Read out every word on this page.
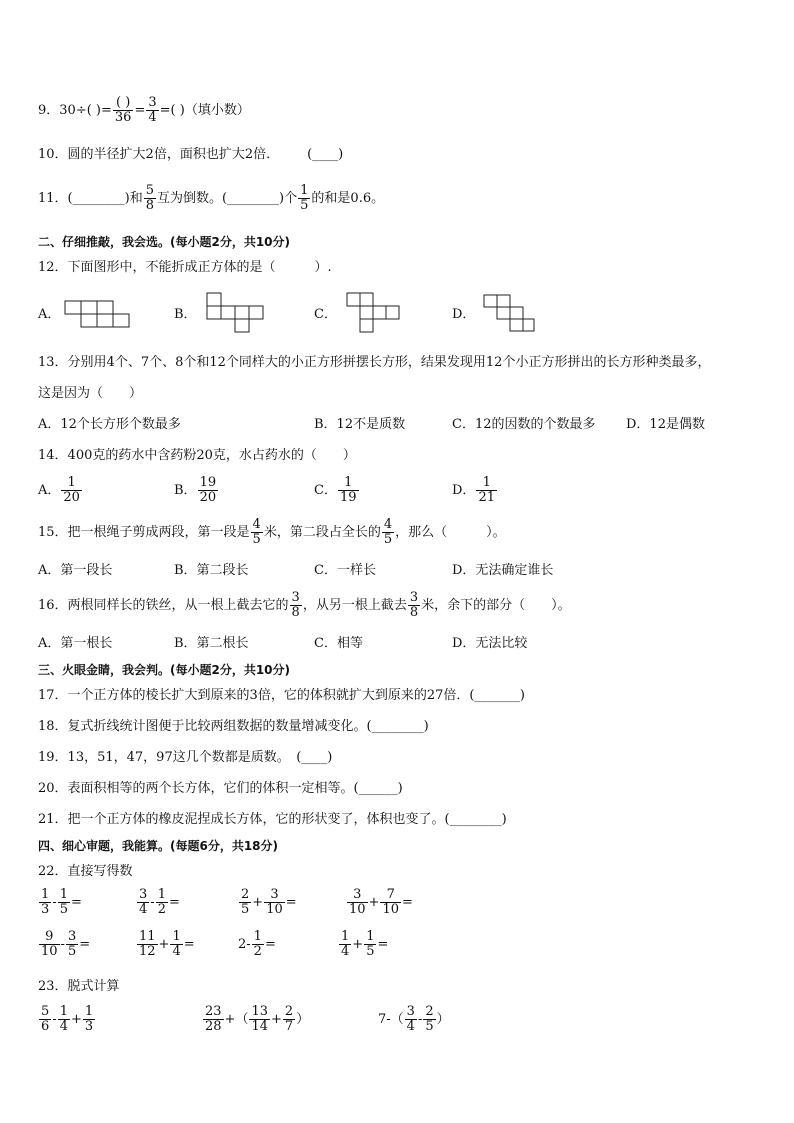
9．30÷( )= $\frac{( )}{36} = \frac{3}{4}$ =( )（填小数）
10．圆的半径扩大2倍，面积也扩大2倍． (____)
11．(________)和 $\frac{5}{8}$ 互为倒数。(________)个 $\frac{1}{5}$ 的和是0.6。
二、仔细推敲，我会选。(每小题2分，共10分)
12．下面图形中，不能折成正方体的是（　　　）.
A．	B．	C．	D．
13．分别用4个、7个、8个和12个同样大的小正方形拼摆长方形，结果发现用12个小正方形拼出的长方形种类最多，
这是因为（　　）
A．12个长方形个数最多	B．12不是质数	C．12的因数的个数最多 D．12是偶数
14．400克的药水中含药粉20克，水占药水的（　　）
A． $\frac{1}{20}$	B． $\frac{19}{20}$	C． $\frac{1}{19}$	D． $\frac{1}{21}$
15．把一根绳子剪成两段，第一段是 $\frac{4}{5}$ 米，第二段占全长的 $\frac{4}{5}$ ，那么（　　　）。
A．第一段长	B．第二段长	C．一样长	D．无法确定谁长
16．两根同样长的铁丝，从一根上截去它的 $\frac{3}{8}$ ，从另一根上截去 $\frac{3}{8}$ 米，余下的部分（　　）。
A．第一根长	B．第二根长	C．相等	D．无法比较
三、火眼金睛，我会判。(每小题2分，共10分)
17．一个正方体的棱长扩大到原来的3倍，它的体积就扩大到原来的27倍．(_______)
18．复式折线统计图便于比较两组数据的数量增减变化。(________)
19．13，51，47，97这几个数都是质数。　(____)
20．表面积相等的两个长方体，它们的体积一定相等。(______)
21．把一个正方体的橡皮泥捏成长方体，它的形状变了，体积也变了。(________)
四、细心审题，我能算。(每题6分，共18分)
22．直接写得数
$\frac{1}{3} - \frac{1}{5}$ =	$\frac{3}{4} - \frac{1}{2}$ =	$\frac{2}{5} + \frac{3}{10}$ =	$\frac{3}{10} + \frac{7}{10}$ =
$\frac{9}{10} - \frac{3}{5}$ =	$\frac{11}{12} + \frac{1}{4}$ =	$2- \frac{1}{2}$ =	$\frac{1}{4} + \frac{1}{5}$ =
23．脱式计算
$\frac{5}{6} - \frac{1}{4} + \frac{1}{3}$	$\frac{23}{28}$ +（ $\frac{13}{14} + \frac{2}{7}$ ）	$7-( \frac{3}{4} - \frac{2}{5}$ ）
